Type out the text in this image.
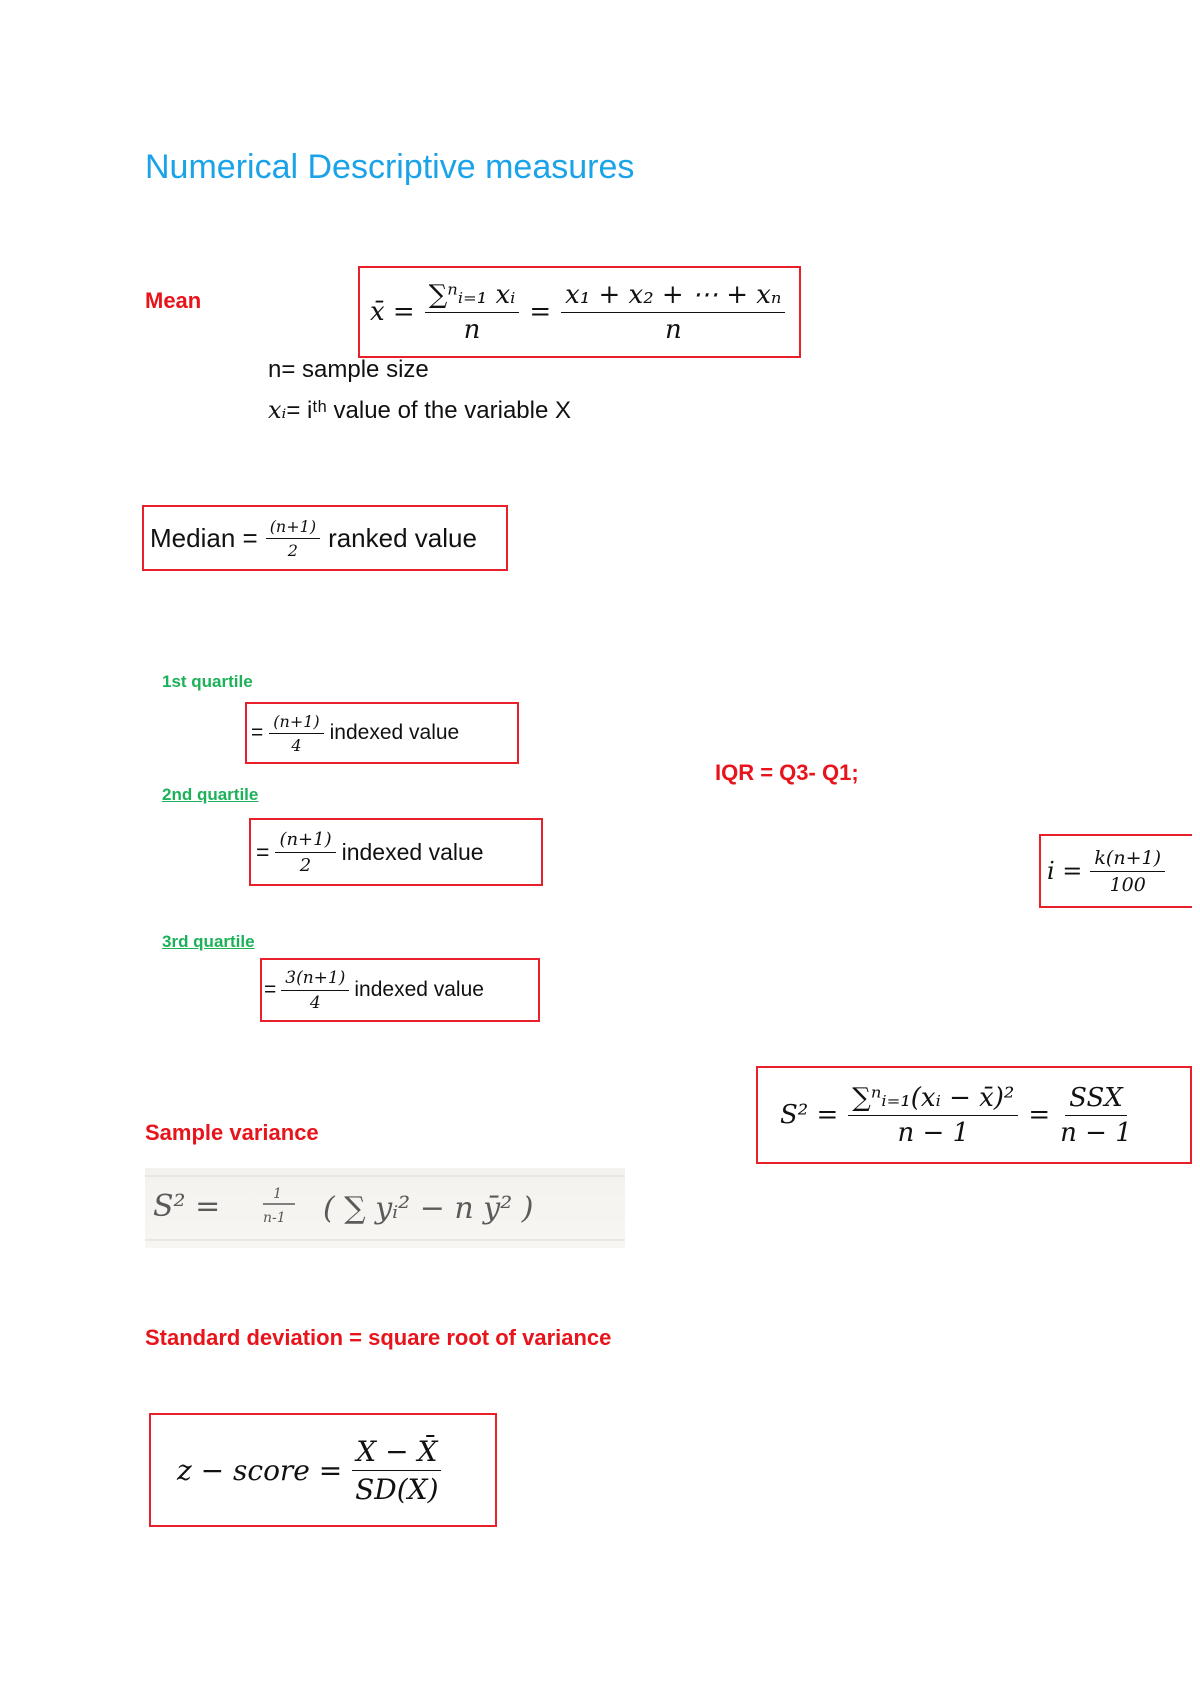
Numerical Descriptive measures
Mean	x̄ = $\frac{\text{∑ⁿᵢ₌₁ xᵢ}}{n} = \frac{\text{x₁ + x₂ + ⋯ + xₙ}}{n}$
n= sample size
xᵢ= iᵗʰ value of the variable X
Median = $\frac{(n+1)}{2}$ ranked value
1st quartile
= $\frac{(n+1)}{4}$ indexed value
IQR = Q3- Q1;
2nd quartile
= $\frac{(n+1)}{2}$ indexed value
$i = \frac{k(n+1)}{100}$
3rd quartile
= $\frac{3(n+1)}{4}$ indexed value
$S^2 = \frac{\text{∑ⁿᵢ₌₁(xᵢ − x̄)²}}{n - 1} = \frac{\text{SSX}}{n - 1}$
Sample variance
S² =	1
n-1 ( ∑ yᵢ² − n ȳ² )
Standard deviation = square root of variance
z − score = $\frac{X - X̄}{SD(X)}$
